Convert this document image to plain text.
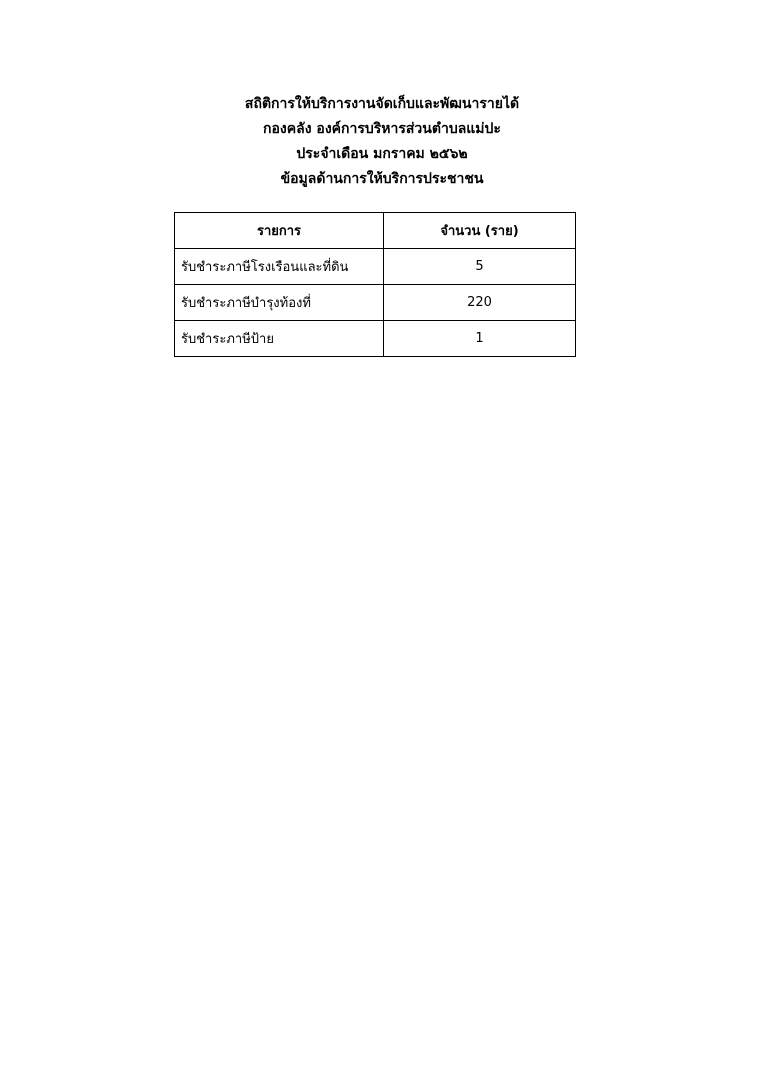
สถิติการให้บริการงานจัดเก็บและพัฒนารายได้
กองคลัง องค์การบริหารส่วนตำบลแม่ปะ
ประจำเดือน มกราคม ๒๕๖๒
ข้อมูลด้านการให้บริการประชาชน
รายการ	จำนวน (ราย)
รับชำระภาษีโรงเรือนและที่ดิน	5
รับชำระภาษีบำรุงท้องที่	220
รับชำระภาษีป้าย	1
